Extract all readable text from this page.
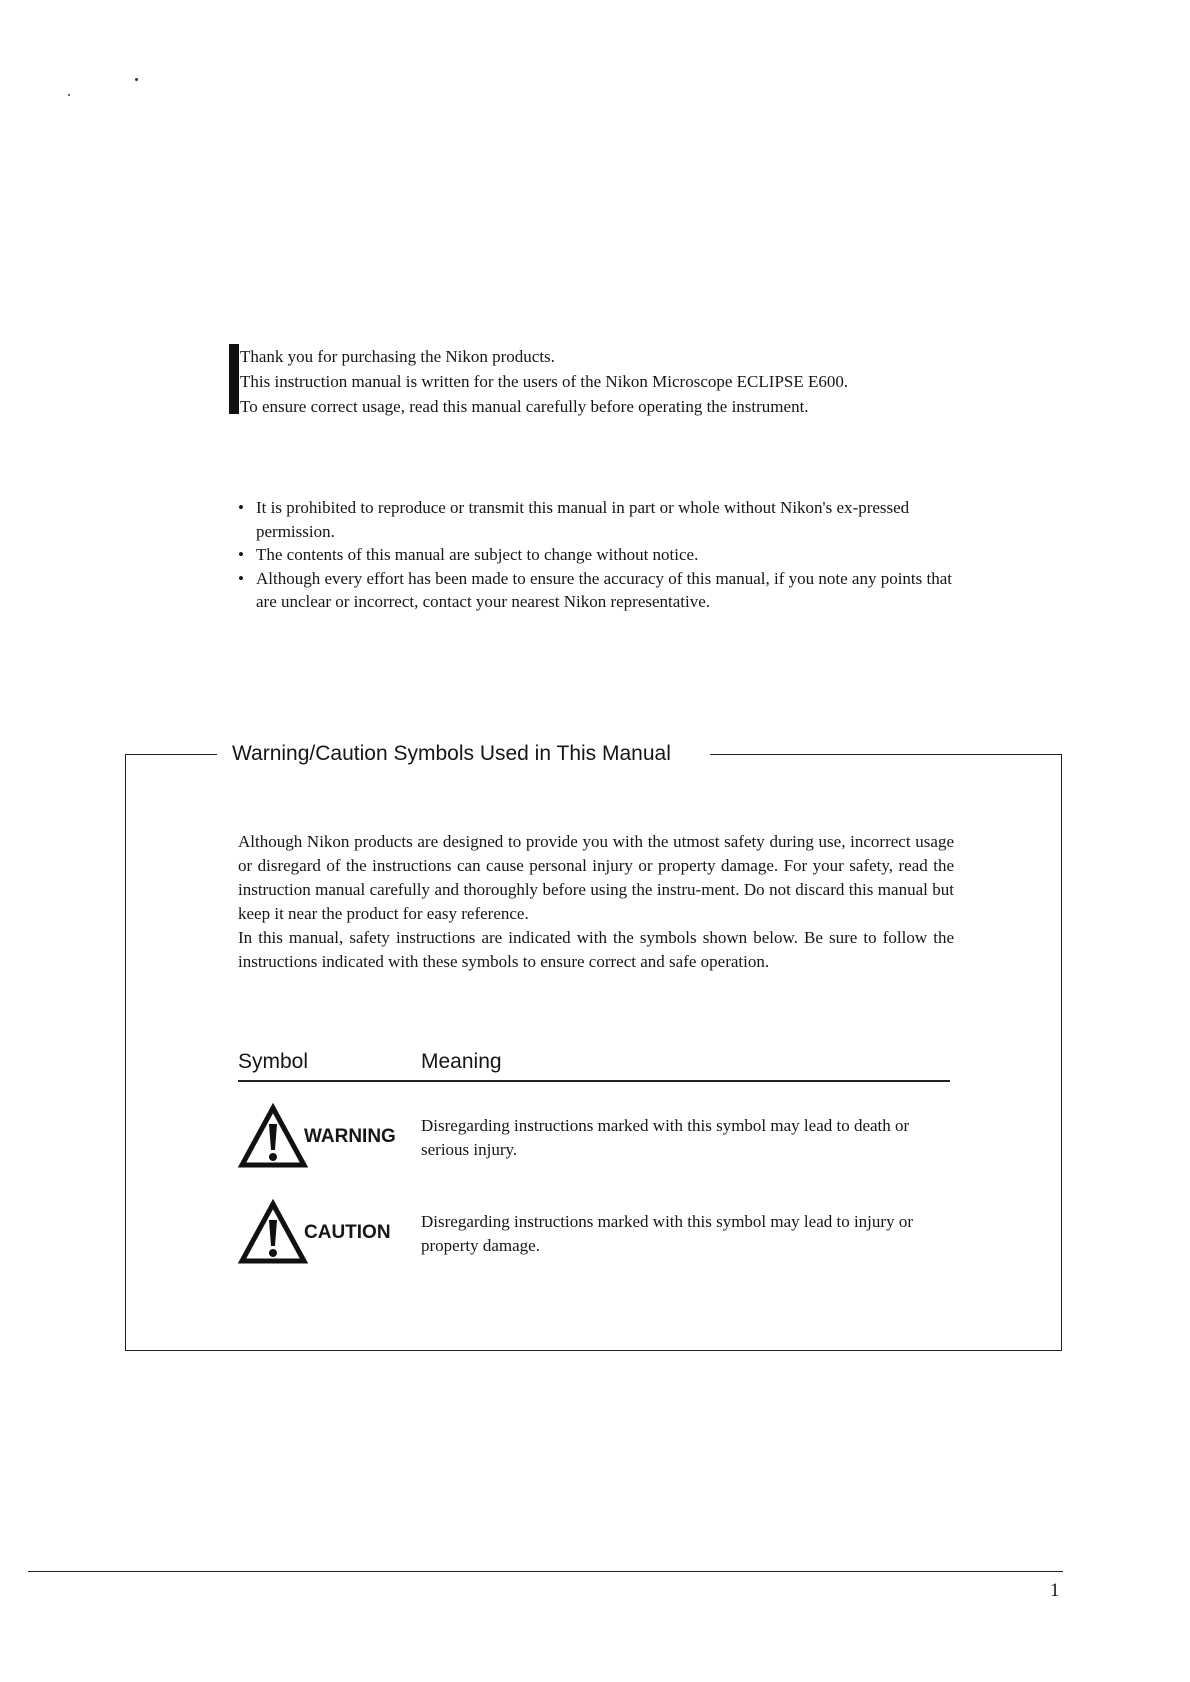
Thank you for purchasing the Nikon products.

This instruction manual is written for the users of the Nikon Microscope ECLIPSE E600.

To ensure correct usage, read this manual carefully before operating the instrument.

• It is prohibited to reproduce or transmit this manual in part or whole without Nikon's ex-pressed permission.
• The contents of this manual are subject to change without notice.
• Although every effort has been made to ensure the accuracy of this manual, if you note any points that are unclear or incorrect, contact your nearest Nikon representative.
Warning/Caution Symbols Used in This Manual

Although Nikon products are designed to provide you with the utmost safety during use, incorrect usage or disregard of the instructions can cause personal injury or property damage. For your safety, read the instruction manual carefully and thoroughly before using the instru-ment. Do not discard this manual but keep it near the product for easy reference.

In this manual, safety instructions are indicated with the symbols shown below. Be sure to follow the instructions indicated with these symbols to ensure correct and safe operation.

Symbol	Meaning
WARNING
Disregarding instructions marked with this symbol may lead to death or serious injury.
CAUTION
Disregarding instructions marked with this symbol may lead to injury or property damage.
1
